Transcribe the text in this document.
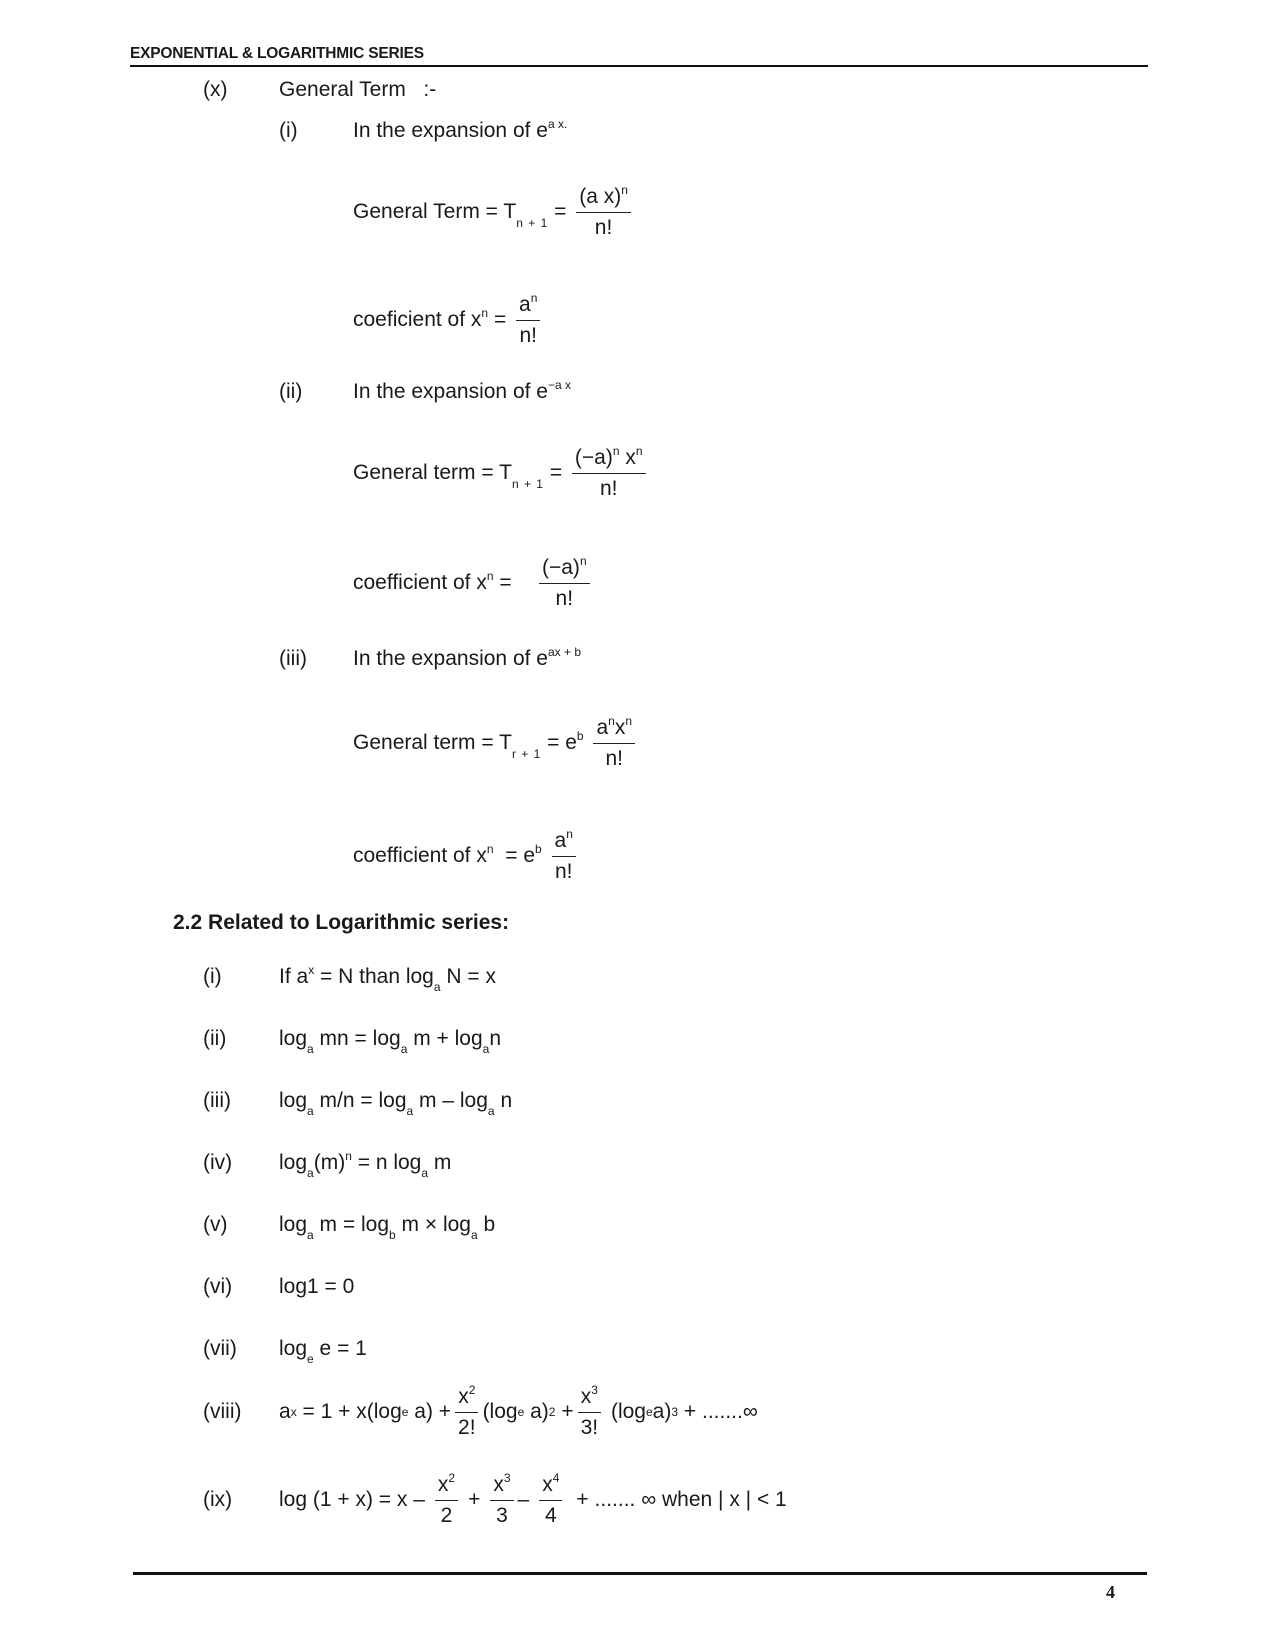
EXPONENTIAL & LOGARITHMIC SERIES
(x) General Term :-
(i)	In the expansion of $e^{a x.}$
General Term = $T_{n + 1} = \frac{(a x)^n}{n!}$
coeficient of $x^n = \frac{a^n}{n!}$
(ii) In the expansion of $e^{-a x}$
General term = $T_{n + 1} = \frac{(-a)^n x^n}{n!}$
coefficient of $x^n = \frac{(-a)^n}{n!}$
(iii) In the expansion of $e^{ax + b}$
General term = $T_{r + 1} = e^b \frac{a^nx^n}{n!}$
coefficient of $x^n = e^b \frac{a^n}{n!}$
2.2 Related to Logarithmic series:
(i)	If $a^x = N$ than $\log_a N = x$
(ii)	$\log_a$ mn = $\log_a m + \log_an$
(iii) $\log_a m/n = \log_a m - \log_a n$
(iv) $\log_a(m)^n = n$ $\log_a m$
(v) $\log_a m = \log_b m \times \log_a b$
(vi) log1 = 0
(vii) $\log_e e = 1$
(viii) a x = 1 + x(log e $a) + \frac{x^2}{2!} (\log$ e a) $2 + \frac{x^3}{3!}$
(log e a) 3 + .......∞
(ix) $\log (1 + x) = x - \frac{x^2}{2} + \frac{x^3}{3} - \frac{x^4}{4}$ + ....... ∞ when | x | < 1
4
